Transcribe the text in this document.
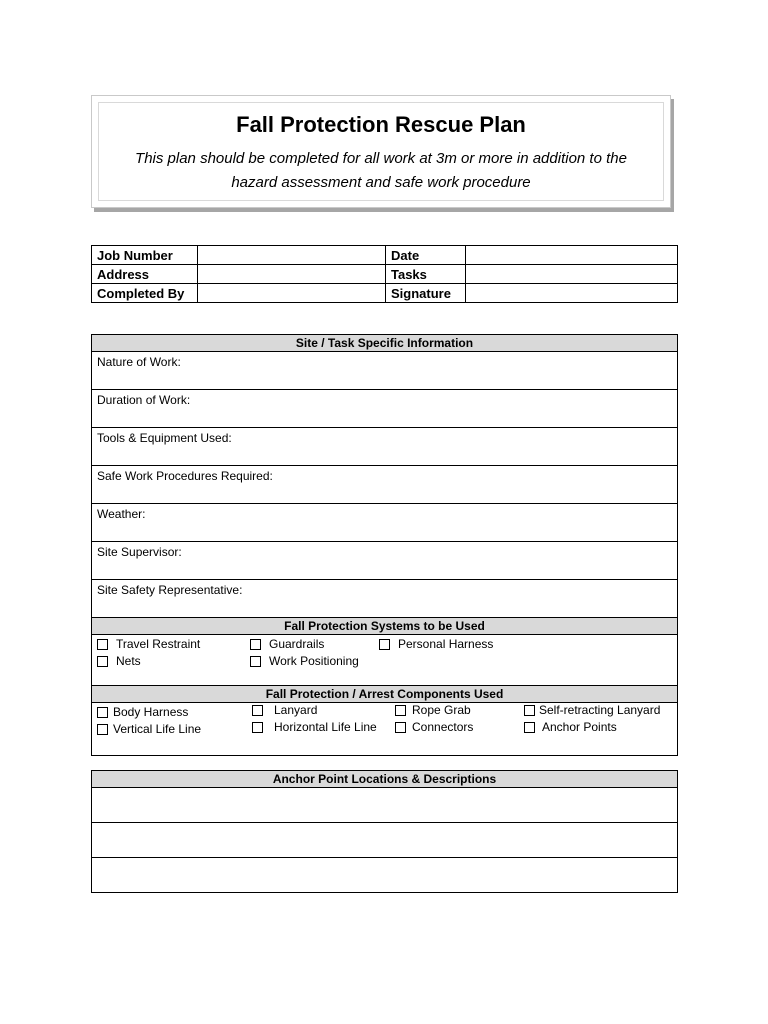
Fall Protection Rescue Plan
This plan should be completed for all work at 3m or more in addition to the hazard assessment and safe work procedure
Job Number		Date	
Address		Tasks	
Completed By		Signature	
Site / Task Specific Information
Nature of Work:
Duration of Work:
Tools & Equipment Used:
Safe Work Procedures Required:
Weather:
Site Supervisor:
Site Safety Representative:
Fall Protection Systems to be Used

Travel Restraint	Guardrails	Personal Harness
Nets	Work Positioning

Fall Protection / Arrest Components Used

Body Harness	Lanyard	Rope Grab	Self-retracting Lanyard
Vertical Life Line	Horizontal Life Line	Connectors	Anchor Points
Anchor Point Locations & Descriptions
